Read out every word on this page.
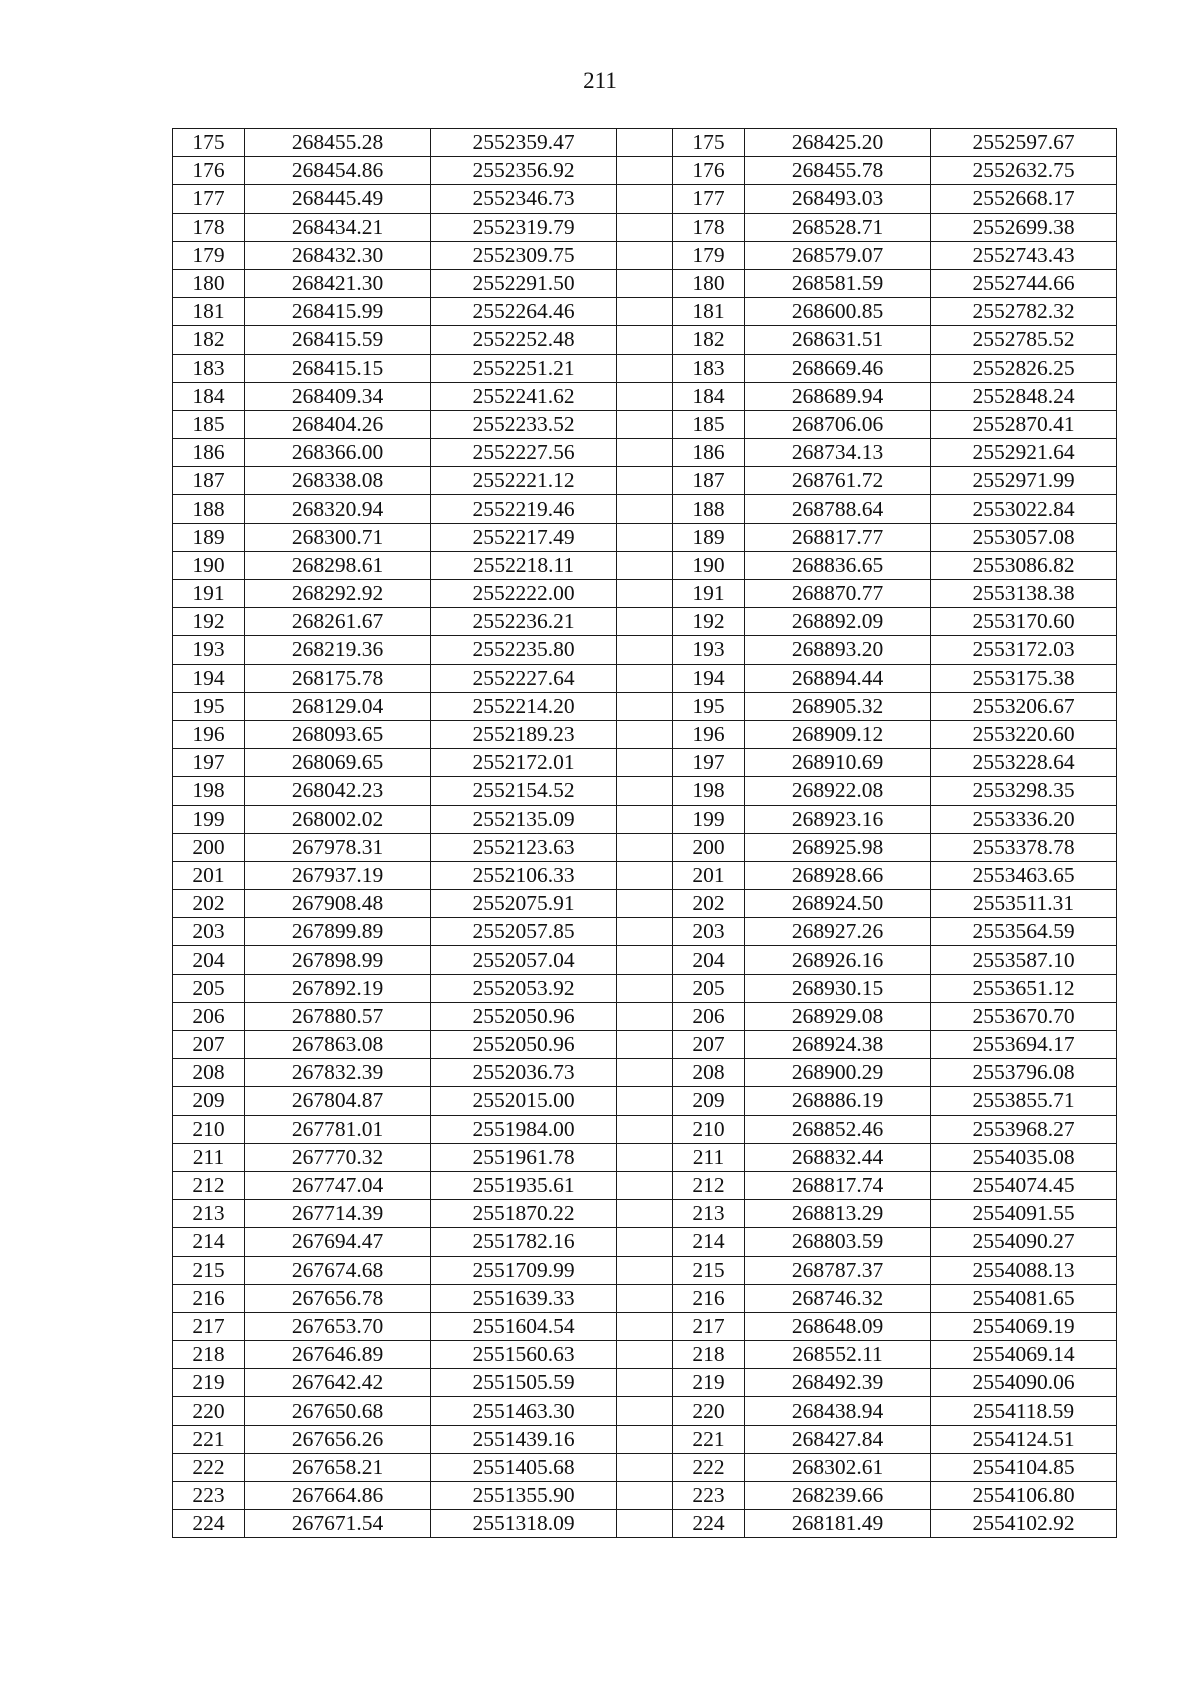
211
175	268455.28	2552359.47		175	268425.20	2552597.67
176	268454.86	2552356.92		176	268455.78	2552632.75
177	268445.49	2552346.73		177	268493.03	2552668.17
178	268434.21	2552319.79		178	268528.71	2552699.38
179	268432.30	2552309.75		179	268579.07	2552743.43
180	268421.30	2552291.50		180	268581.59	2552744.66
181	268415.99	2552264.46		181	268600.85	2552782.32
182	268415.59	2552252.48		182	268631.51	2552785.52
183	268415.15	2552251.21		183	268669.46	2552826.25
184	268409.34	2552241.62		184	268689.94	2552848.24
185	268404.26	2552233.52		185	268706.06	2552870.41
186	268366.00	2552227.56		186	268734.13	2552921.64
187	268338.08	2552221.12		187	268761.72	2552971.99
188	268320.94	2552219.46		188	268788.64	2553022.84
189	268300.71	2552217.49		189	268817.77	2553057.08
190	268298.61	2552218.11		190	268836.65	2553086.82
191	268292.92	2552222.00		191	268870.77	2553138.38
192	268261.67	2552236.21		192	268892.09	2553170.60
193	268219.36	2552235.80		193	268893.20	2553172.03
194	268175.78	2552227.64		194	268894.44	2553175.38
195	268129.04	2552214.20		195	268905.32	2553206.67
196	268093.65	2552189.23		196	268909.12	2553220.60
197	268069.65	2552172.01		197	268910.69	2553228.64
198	268042.23	2552154.52		198	268922.08	2553298.35
199	268002.02	2552135.09		199	268923.16	2553336.20
200	267978.31	2552123.63		200	268925.98	2553378.78
201	267937.19	2552106.33		201	268928.66	2553463.65
202	267908.48	2552075.91		202	268924.50	2553511.31
203	267899.89	2552057.85		203	268927.26	2553564.59
204	267898.99	2552057.04		204	268926.16	2553587.10
205	267892.19	2552053.92		205	268930.15	2553651.12
206	267880.57	2552050.96		206	268929.08	2553670.70
207	267863.08	2552050.96		207	268924.38	2553694.17
208	267832.39	2552036.73		208	268900.29	2553796.08
209	267804.87	2552015.00		209	268886.19	2553855.71
210	267781.01	2551984.00		210	268852.46	2553968.27
211	267770.32	2551961.78		211	268832.44	2554035.08
212	267747.04	2551935.61		212	268817.74	2554074.45
213	267714.39	2551870.22		213	268813.29	2554091.55
214	267694.47	2551782.16		214	268803.59	2554090.27
215	267674.68	2551709.99		215	268787.37	2554088.13
216	267656.78	2551639.33		216	268746.32	2554081.65
217	267653.70	2551604.54		217	268648.09	2554069.19
218	267646.89	2551560.63		218	268552.11	2554069.14
219	267642.42	2551505.59		219	268492.39	2554090.06
220	267650.68	2551463.30		220	268438.94	2554118.59
221	267656.26	2551439.16		221	268427.84	2554124.51
222	267658.21	2551405.68		222	268302.61	2554104.85
223	267664.86	2551355.90		223	268239.66	2554106.80
224	267671.54	2551318.09		224	268181.49	2554102.92
